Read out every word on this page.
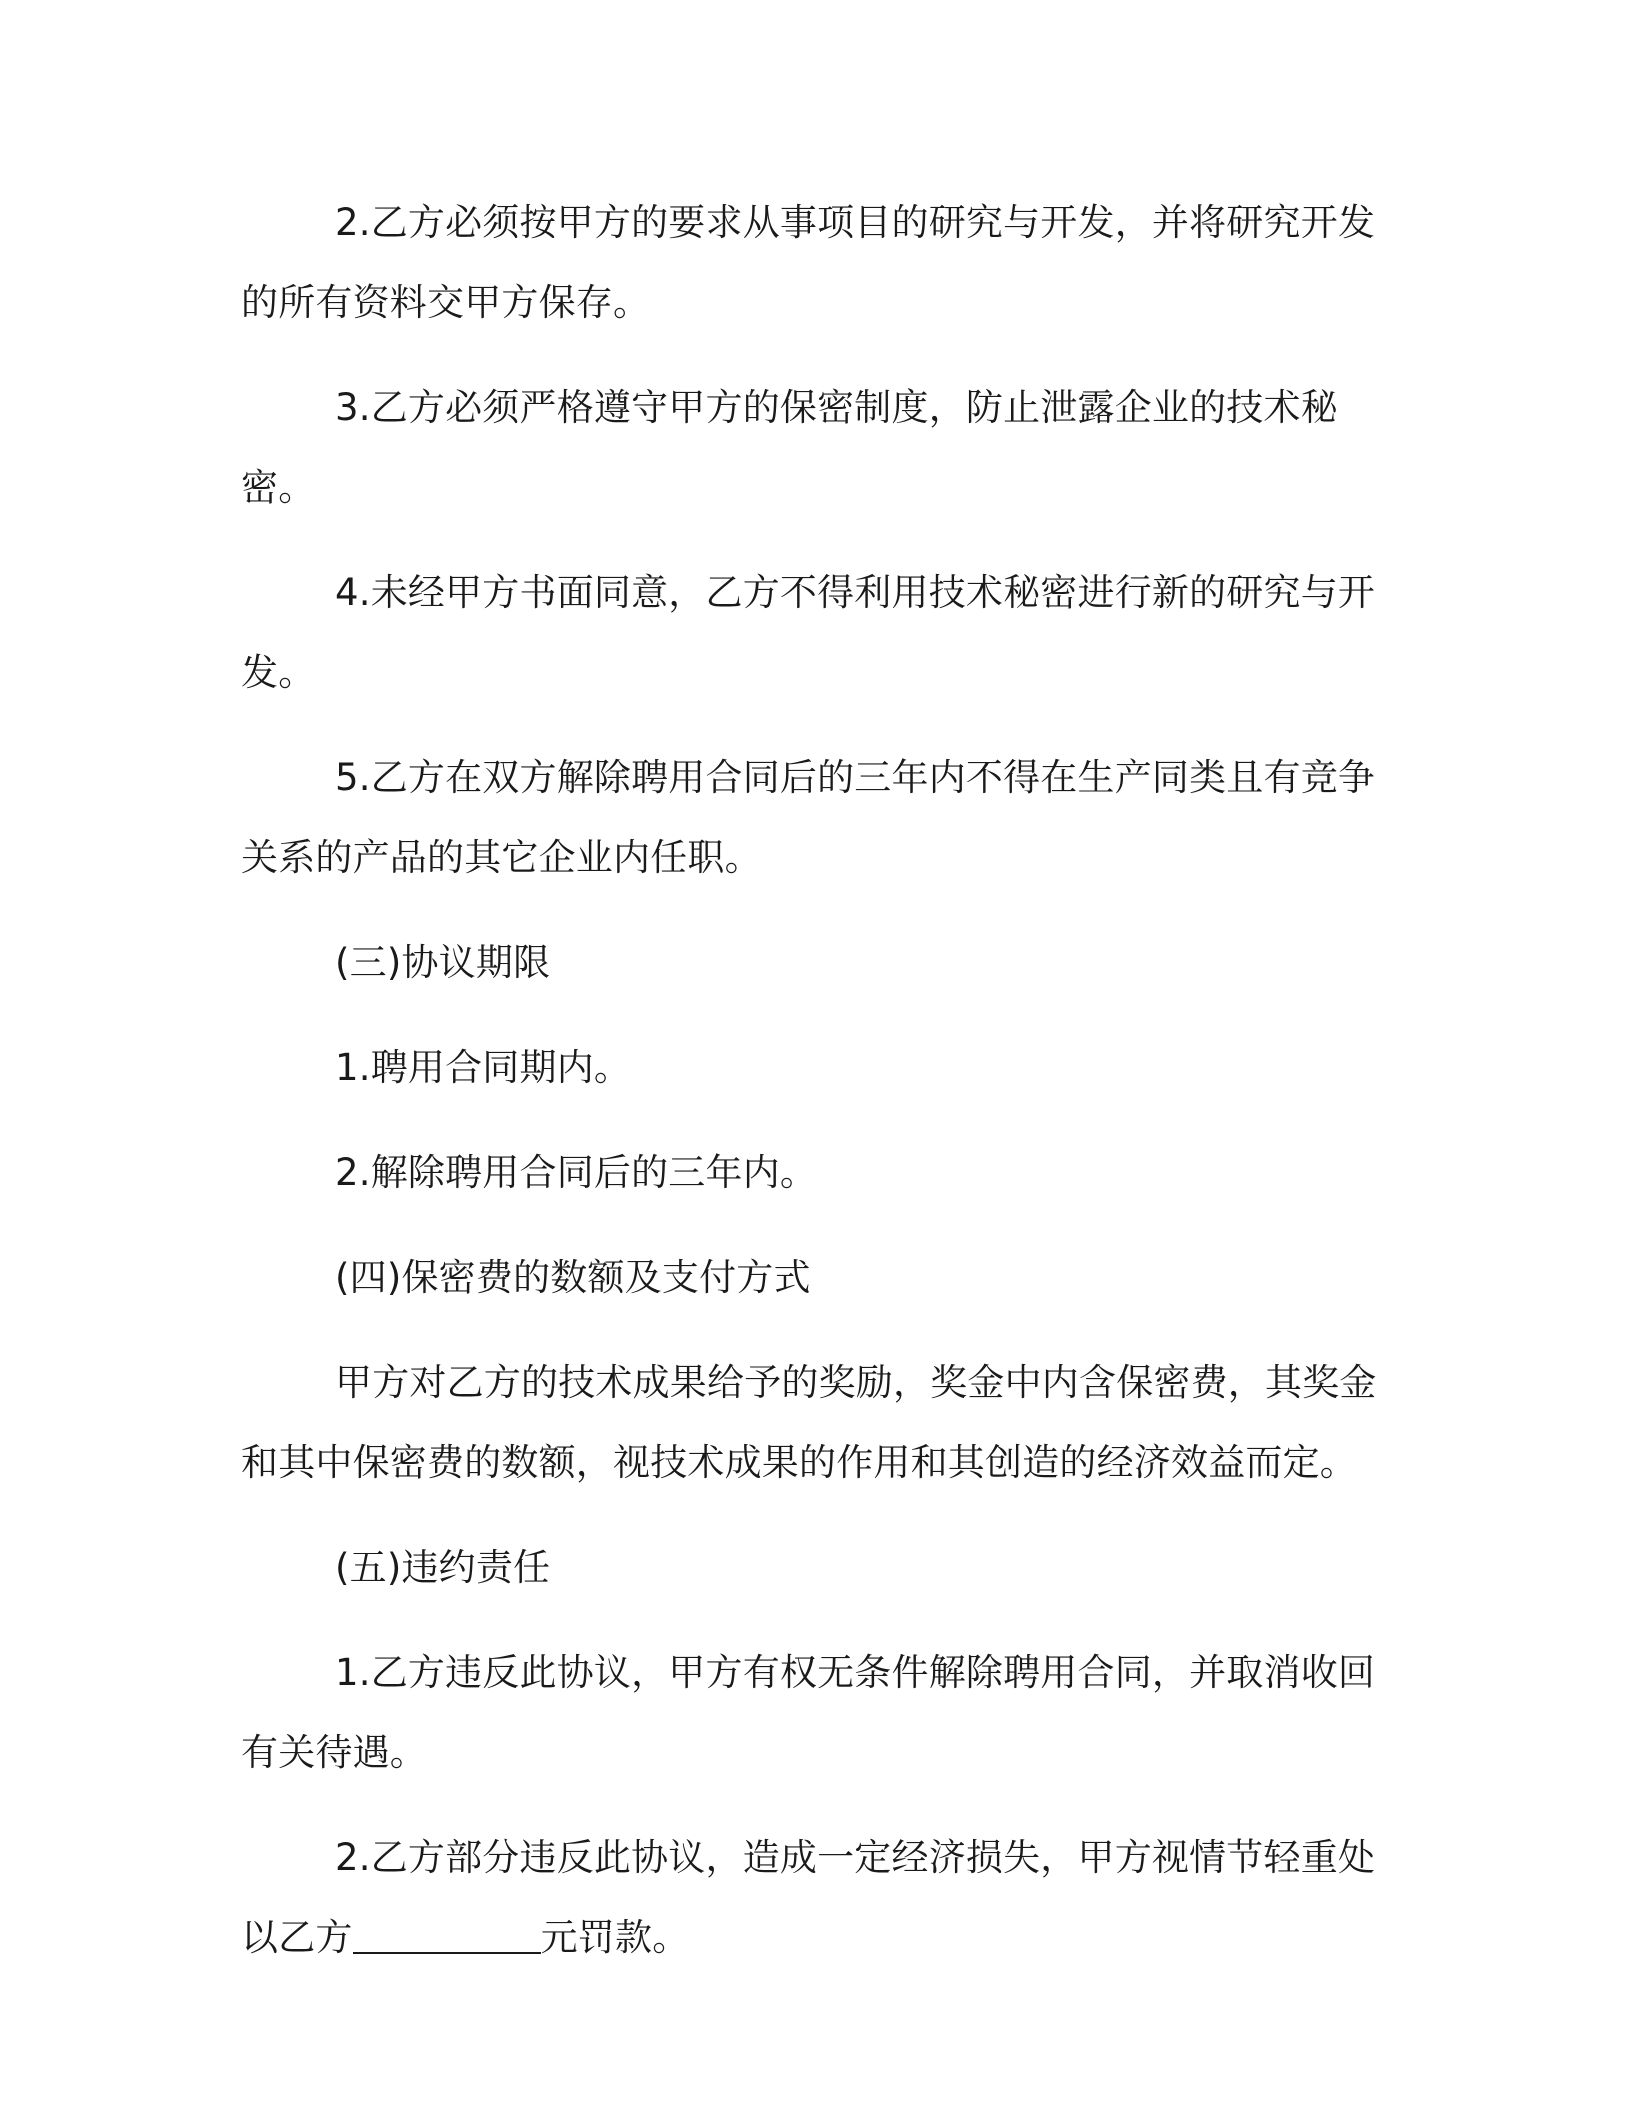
2.乙方必须按甲方的要求从事项目的研究与开发，并将研究开发的所有资料交甲方保存。

3.乙方必须严格遵守甲方的保密制度，防止泄露企业的技术秘密。

4.未经甲方书面同意，乙方不得利用技术秘密进行新的研究与开发。

5.乙方在双方解除聘用合同后的三年内不得在生产同类且有竞争关系的产品的其它企业内任职。

(三)协议期限

1.聘用合同期内。

2.解除聘用合同后的三年内。

(四)保密费的数额及支付方式

甲方对乙方的技术成果给予的奖励，奖金中内含保密费，其奖金和其中保密费的数额，视技术成果的作用和其创造的经济效益而定。

(五)违约责任

1.乙方违反此协议，甲方有权无条件解除聘用合同，并取消收回有关待遇。

2.乙方部分违反此协议，造成一定经济损失，甲方视情节轻重处以乙方	元罚款。
